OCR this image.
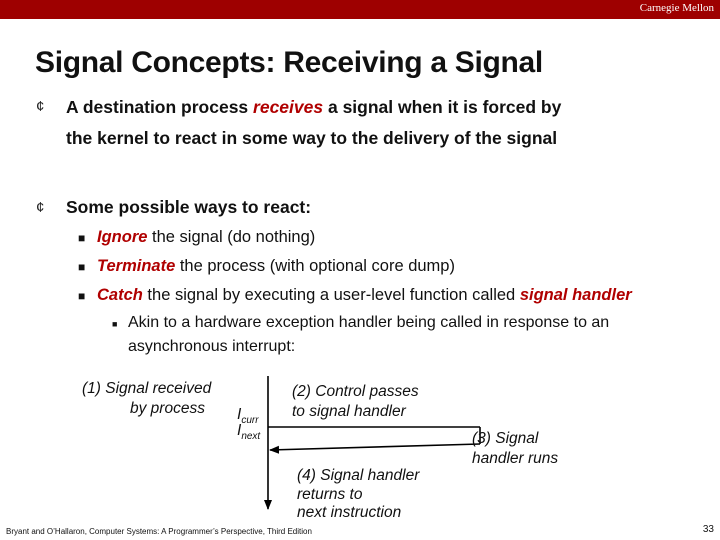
Carnegie Mellon
Signal Concepts: Receiving a Signal
¢ A destination process receives a signal when it is forced by
the kernel to react in some way to the delivery of the signal
¢ Some possible ways to react:
■ Ignore the signal (do nothing)
■ Terminate the process (with optional core dump)
■ Catch the signal by executing a user-level function called signal handler
■ Akin to a hardware exception handler being called in response to an
asynchronous interrupt:
(1) Signal received
by process $I_{curr}$
$I_{next}$
(2) Control passes
to signal handler
(3) Signal
handler runs
(4) Signal handler
returns to
next instruction
Bryant and O’Hallaron, Computer Systems: A Programmer’s Perspective, Third Edition	33
